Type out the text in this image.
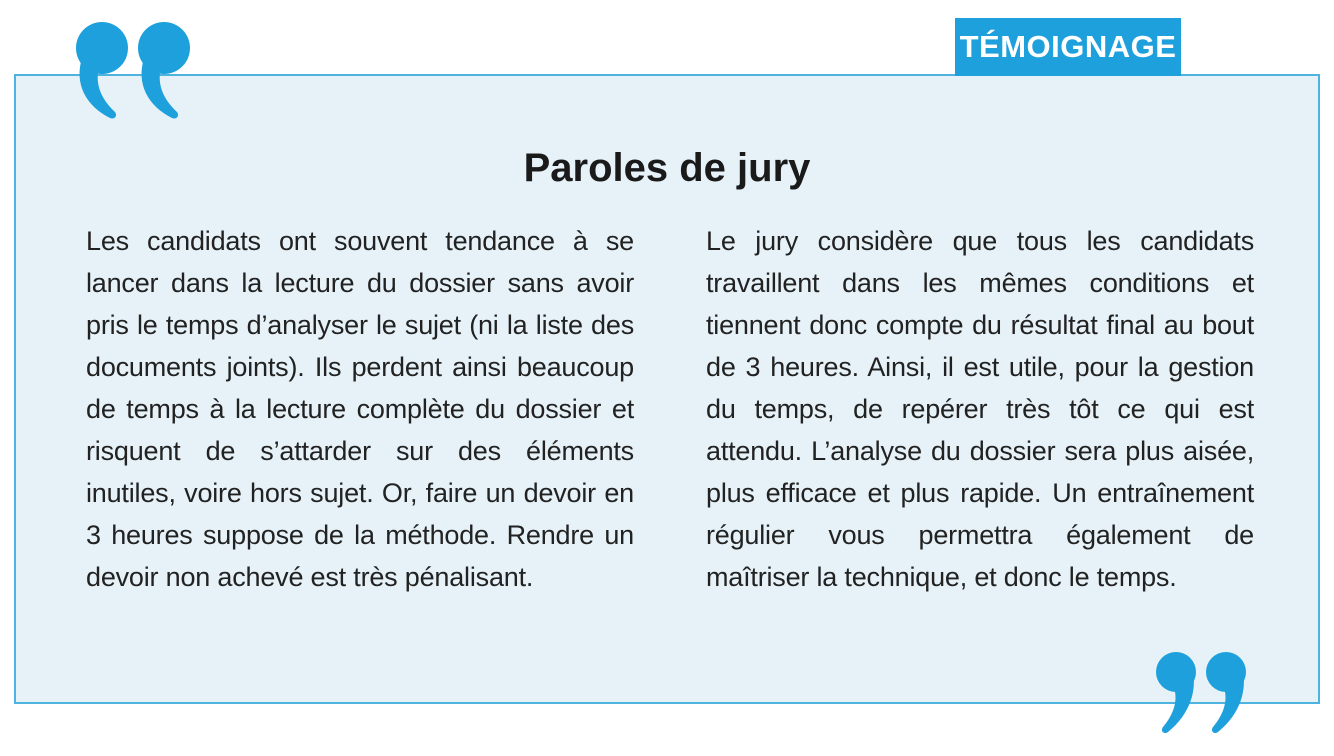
TÉMOIGNAGE
Paroles de jury

Les candidats ont souvent tendance à se lancer dans la lecture du dossier sans avoir pris le temps d’analyser le sujet (ni la liste des documents joints). Ils perdent ainsi beaucoup de temps à la lecture complète du dossier et risquent de s’attarder sur des éléments inutiles, voire hors sujet. Or, faire un devoir en 3 heures suppose de la méthode. Rendre un devoir non achevé est très pénalisant.

Le jury considère que tous les candidats travaillent dans les mêmes conditions et tiennent donc compte du résultat final au bout de 3 heures. Ainsi, il est utile, pour la gestion du temps, de repérer très tôt ce qui est attendu. L’analyse du dossier sera plus aisée, plus efficace et plus rapide. Un entraînement régulier vous permettra également de maîtriser la technique, et donc le temps.
